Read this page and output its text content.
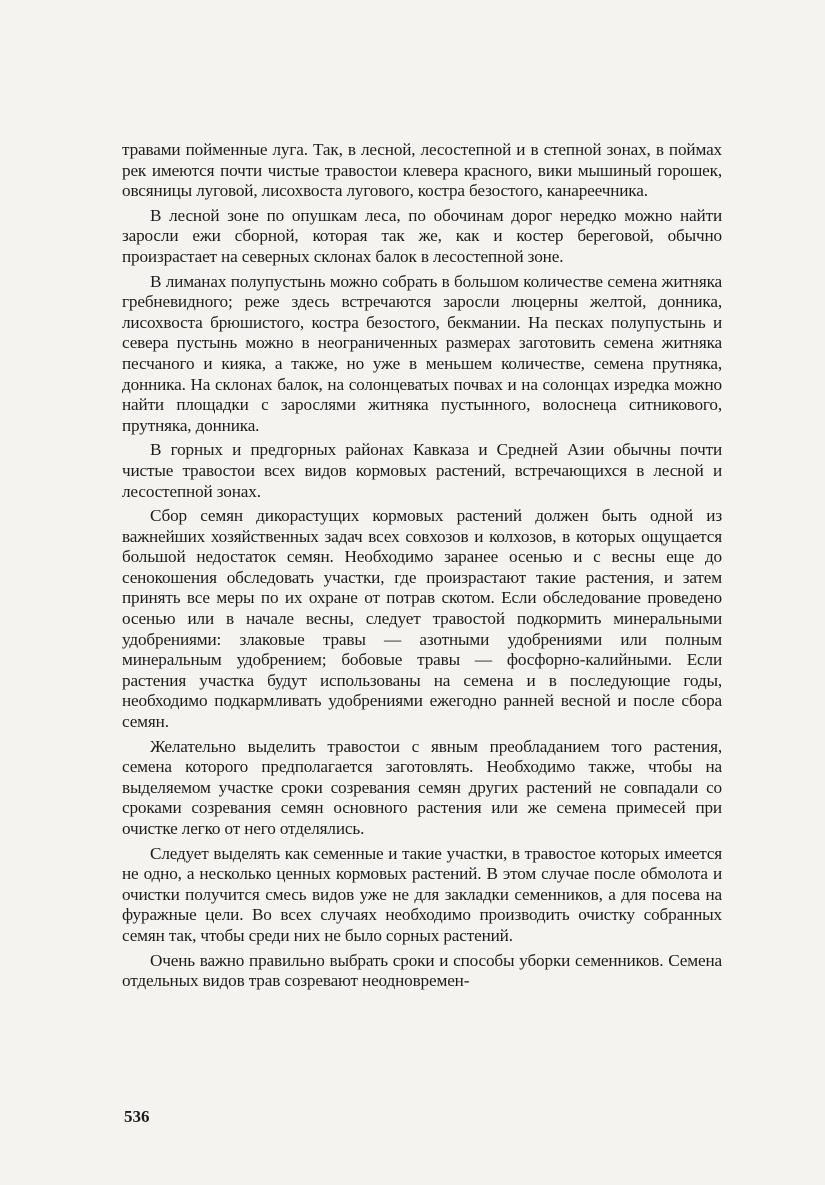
травами пойменные луга. Так, в лесной, лесостепной и в степной зонах, в поймах рек имеются почти чистые травостои клевера красного, вики мышиный горошек, овсяницы луговой, лисохвоста лугового, костра безостого, канареечника.

В лесной зоне по опушкам леса, по обочинам дорог нередко можно найти заросли ежи сборной, которая так же, как и костер береговой, обычно произрастает на северных склонах балок в лесостепной зоне.

В лиманах полупустынь можно собрать в большом количестве семена житняка гребневидного; реже здесь встречаются заросли люцерны желтой, донника, лисохвоста брюшистого, костра безостого, бекмании. На песках полупустынь и севера пустынь можно в неограниченных размерах заготовить семена житняка песчаного и кияка, а также, но уже в меньшем количестве, семена прутняка, донника. На склонах балок, на солонцеватых почвах и на солонцах изредка можно найти площадки с зарослями житняка пустынного, волоснеца ситникового, прутняка, донника.

В горных и предгорных районах Кавказа и Средней Азии обычны почти чистые травостои всех видов кормовых растений, встречающихся в лесной и лесостепной зонах.

Сбор семян дикорастущих кормовых растений должен быть одной из важнейших хозяйственных задач всех совхозов и колхозов, в которых ощущается большой недостаток семян. Необходимо заранее осенью и с весны еще до сенокошения обследовать участки, где произрастают такие растения, и затем принять все меры по их охране от потрав скотом. Если обследование проведено осенью или в начале весны, следует травостой подкормить минеральными удобрениями: злаковые травы — азотными удобрениями или полным минеральным удобрением; бобовые травы — фосфорно-калийными. Если растения участка будут использованы на семена и в последующие годы, необходимо подкармливать удобрениями ежегодно ранней весной и после сбора семян.

Желательно выделить травостои с явным преобладанием того растения, семена которого предполагается заготовлять. Необходимо также, чтобы на выделяемом участке сроки созревания семян других растений не совпадали со сроками созревания семян основного растения или же семена примесей при очистке легко от него отделялись.

Следует выделять как семенные и такие участки, в травостое которых имеется не одно, а несколько ценных кормовых растений. В этом случае после обмолота и очистки получится смесь видов уже не для закладки семенников, а для посева на фуражные цели. Во всех случаях необходимо производить очистку собранных семян так, чтобы среди них не было сорных растений.

Очень важно правильно выбрать сроки и способы уборки семенников. Семена отдельных видов трав созревают неодновремен-

536
